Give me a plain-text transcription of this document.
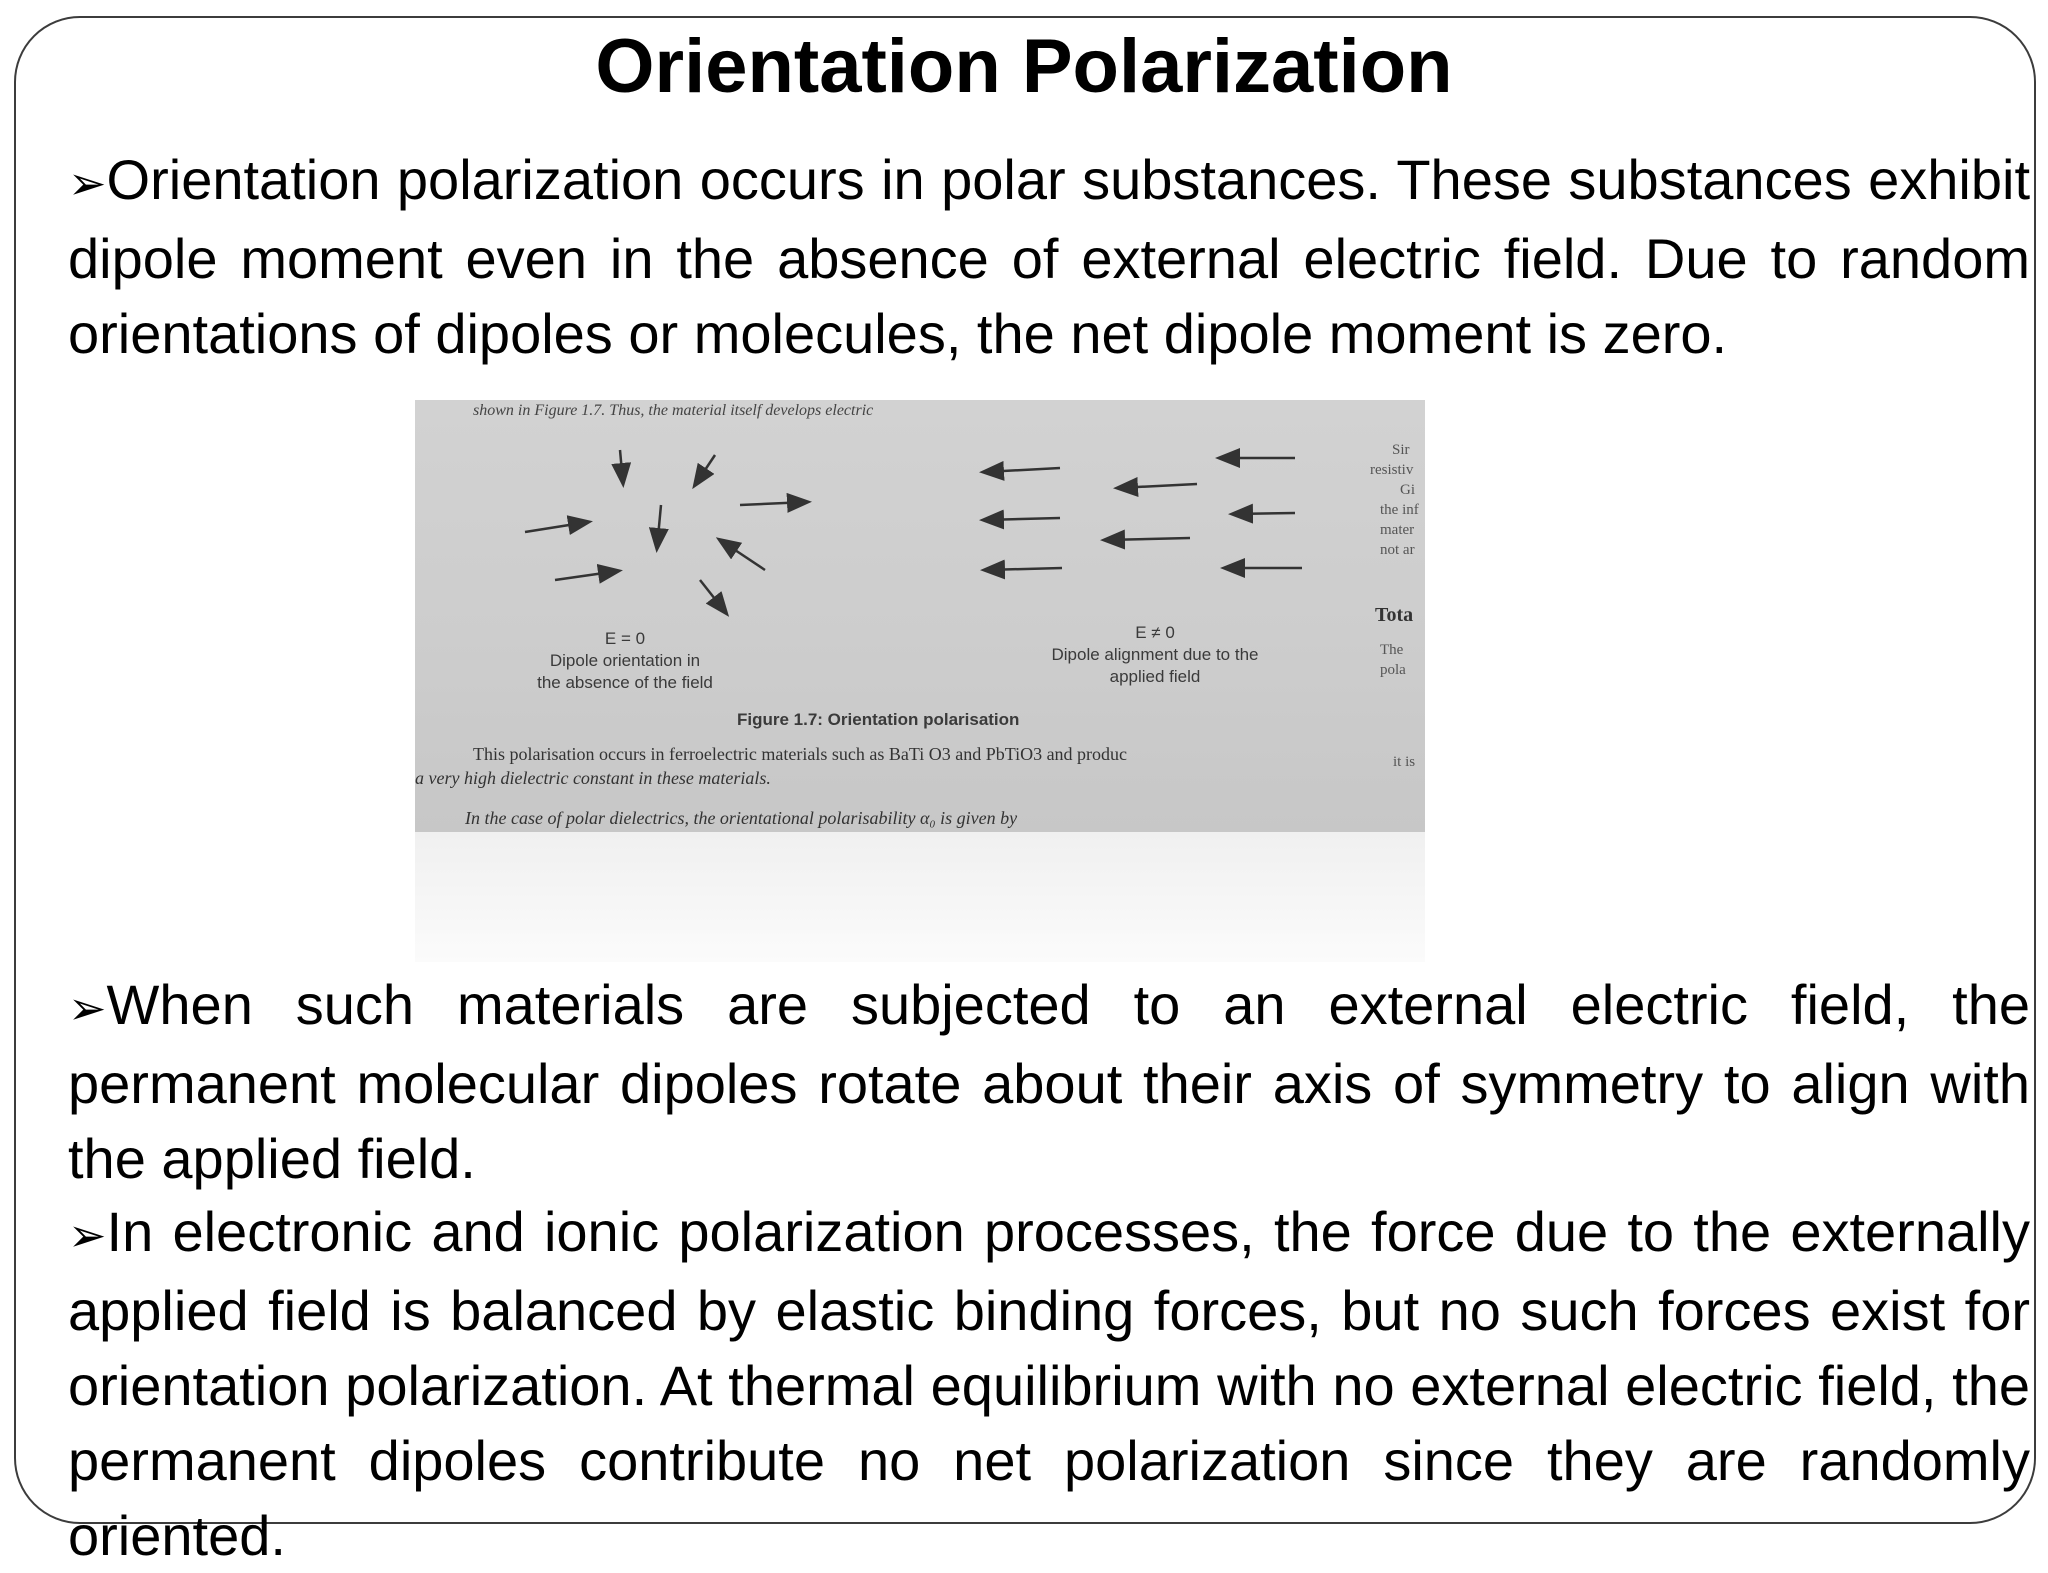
Orientation Polarization

➢Orientation polarization occurs in polar substances. These substances exhibit dipole moment even in the absence of external electric field. Due to random orientations of dipoles or molecules, the net dipole moment is zero.

shown in Figure 1.7. Thus, the material itself develops electric
E = 0
Dipole orientation in
the absence of the field
E ≠ 0
Dipole alignment due to the
applied field
Figure 1.7: Orientation polarisation
This polarisation occurs in ferroelectric materials such as BaTi O3 and PbTiO3 and produc
a very high dielectric constant in these materials.
In the case of polar dielectrics, the orientational polarisability α₀ is given by
Sir
resistiv
Gi
the inf
mater
not ar
Tota
The
pola
it is

➢When such materials are subjected to an external electric field, the permanent molecular dipoles rotate about their axis of symmetry to align with the applied field.

➢In electronic and ionic polarization processes, the force due to the externally applied field is balanced by elastic binding forces, but no such forces exist for orientation polarization. At thermal equilibrium with no external electric field, the permanent dipoles contribute no net polarization since they are randomly oriented.
